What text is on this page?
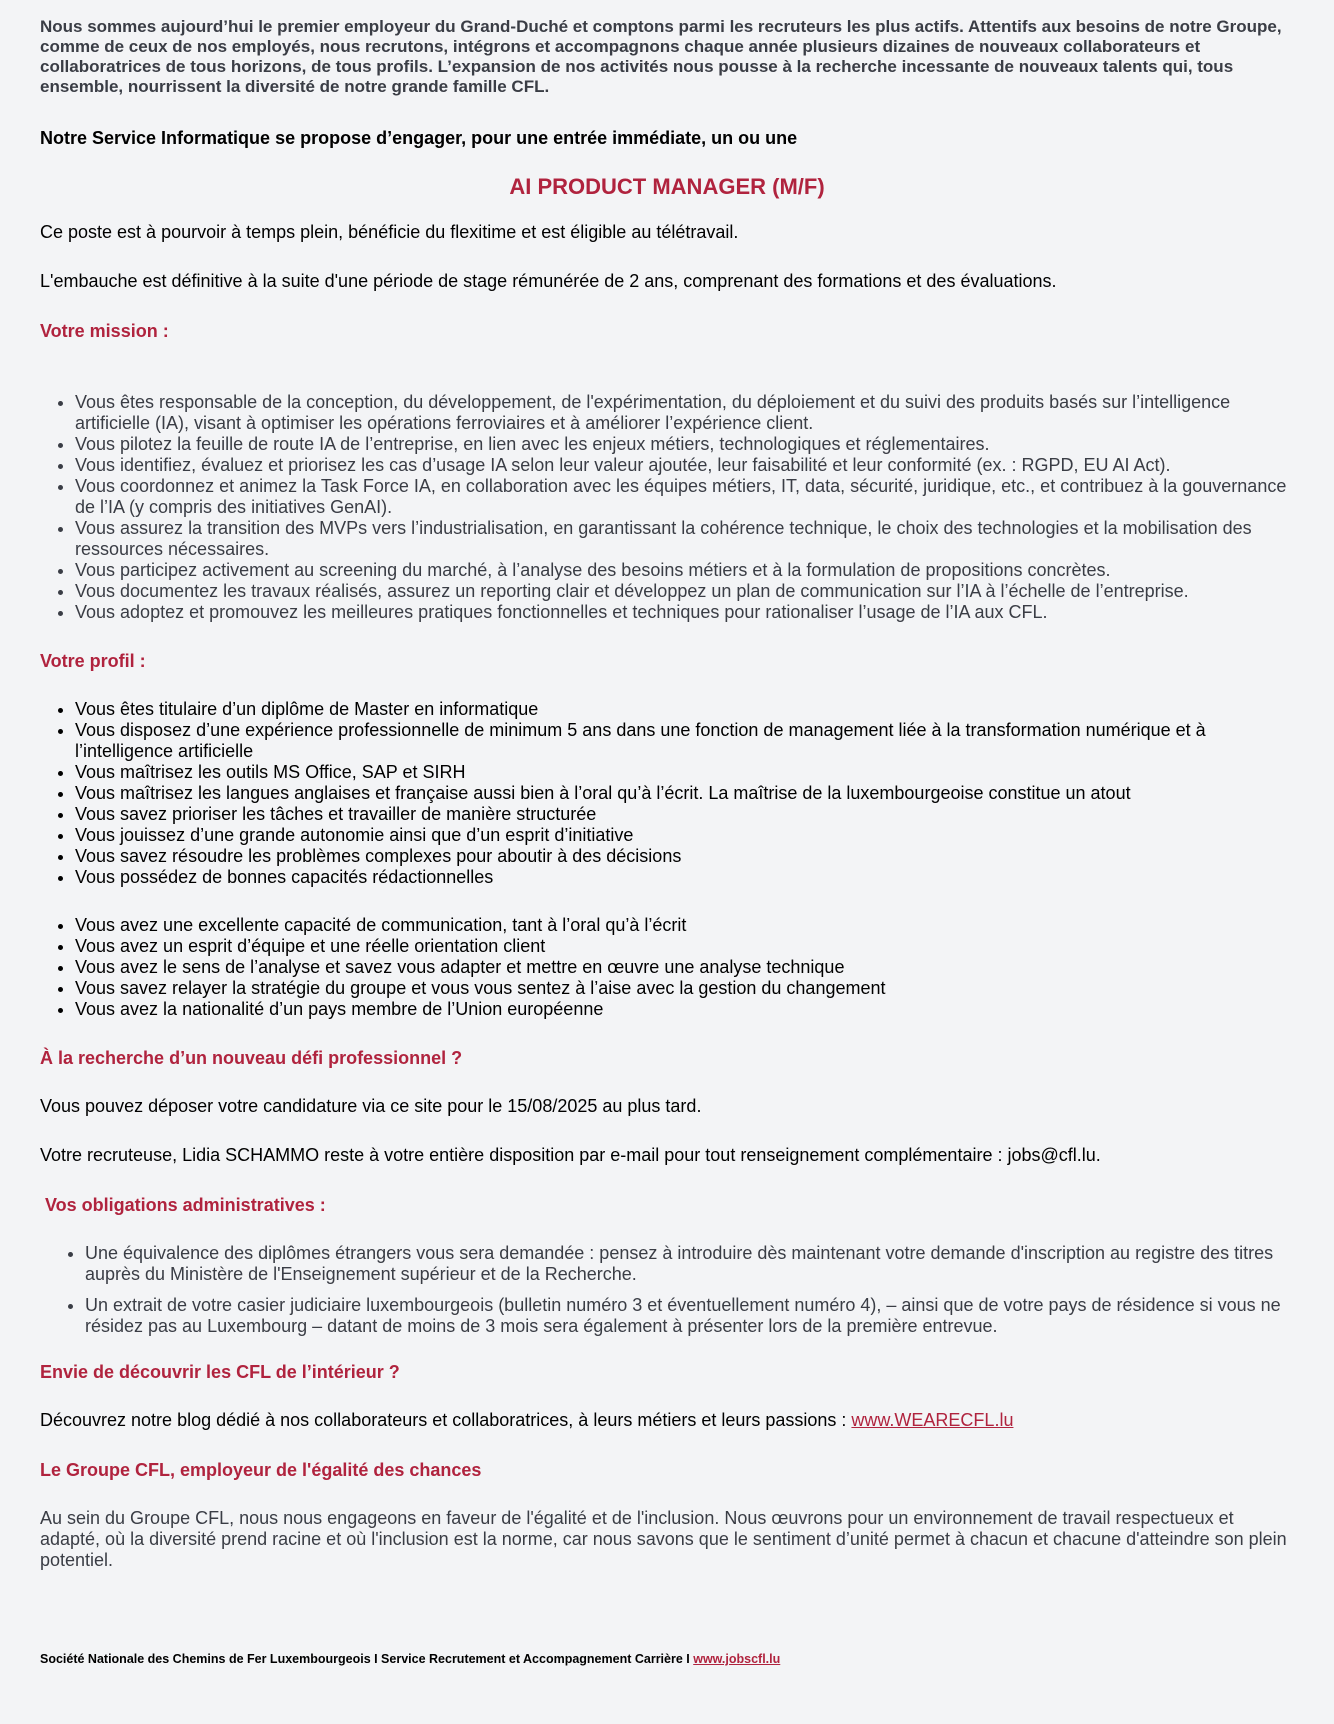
Nous sommes aujourd’hui le premier employeur du Grand-Duché et comptons parmi les recruteurs les plus actifs. Attentifs aux besoins de notre Groupe, comme de ceux de nos employés, nous recrutons, intégrons et accompagnons chaque année plusieurs dizaines de nouveaux collaborateurs et collaboratrices de tous horizons, de tous profils. L’expansion de nos activités nous pousse à la recherche incessante de nouveaux talents qui, tous ensemble, nourrissent la diversité de notre grande famille CFL.

Notre Service Informatique se propose d’engager, pour une entrée immédiate, un ou une

AI PRODUCT MANAGER (M/F)

Ce poste est à pourvoir à temps plein, bénéficie du flexitime et est éligible au télétravail.

L'embauche est définitive à la suite d'une période de stage rémunérée de 2 ans, comprenant des formations et des évaluations.

Votre mission :
• Vous êtes responsable de la conception, du développement, de l'expérimentation, du déploiement et du suivi des produits basés sur l’intelligence artificielle (IA), visant à optimiser les opérations ferroviaires et à améliorer l’expérience client.
• Vous pilotez la feuille de route IA de l’entreprise, en lien avec les enjeux métiers, technologiques et réglementaires.
• Vous identifiez, évaluez et priorisez les cas d’usage IA selon leur valeur ajoutée, leur faisabilité et leur conformité (ex. : RGPD, EU AI Act).
• Vous coordonnez et animez la Task Force IA, en collaboration avec les équipes métiers, IT, data, sécurité, juridique, etc., et contribuez à la gouvernance de l’IA (y compris des initiatives GenAI).
• Vous assurez la transition des MVPs vers l’industrialisation, en garantissant la cohérence technique, le choix des technologies et la mobilisation des ressources nécessaires.
• Vous participez activement au screening du marché, à l’analyse des besoins métiers et à la formulation de propositions concrètes.
• Vous documentez les travaux réalisés, assurez un reporting clair et développez un plan de communication sur l’IA à l’échelle de l’entreprise.
• Vous adoptez et promouvez les meilleures pratiques fonctionnelles et techniques pour rationaliser l’usage de l’IA aux CFL.
Votre profil :
• Vous êtes titulaire d’un diplôme de Master en informatique
• Vous disposez d’une expérience professionnelle de minimum 5 ans dans une fonction de management liée à la transformation numérique et à l’intelligence artificielle
• Vous maîtrisez les outils MS Office, SAP et SIRH
• Vous maîtrisez les langues anglaises et française aussi bien à l’oral qu’à l’écrit. La maîtrise de la luxembourgeoise constitue un atout
• Vous savez prioriser les tâches et travailler de manière structurée
• Vous jouissez d’une grande autonomie ainsi que d’un esprit d’initiative
• Vous savez résoudre les problèmes complexes pour aboutir à des décisions
• Vous possédez de bonnes capacités rédactionnelles
• Vous avez une excellente capacité de communication, tant à l’oral qu’à l’écrit
• Vous avez un esprit d’équipe et une réelle orientation client
• Vous avez le sens de l’analyse et savez vous adapter et mettre en œuvre une analyse technique
• Vous savez relayer la stratégie du groupe et vous vous sentez à l’aise avec la gestion du changement
• Vous avez la nationalité d’un pays membre de l’Union européenne
À la recherche d’un nouveau défi professionnel ?

Vous pouvez déposer votre candidature via ce site pour le 15/08/2025 au plus tard.

Votre recruteuse, Lidia SCHAMMO reste à votre entière disposition par e-mail pour tout renseignement complémentaire : jobs@cfl.lu.

Vos obligations administratives :
• Une équivalence des diplômes étrangers vous sera demandée : pensez à introduire dès maintenant votre demande d'inscription au registre des titres auprès du Ministère de l'Enseignement supérieur et de la Recherche.
• Un extrait de votre casier judiciaire luxembourgeois (bulletin numéro 3 et éventuellement numéro 4), – ainsi que de votre pays de résidence si vous ne résidez pas au Luxembourg – datant de moins de 3 mois sera également à présenter lors de la première entrevue.
Envie de découvrir les CFL de l’intérieur ?

Découvrez notre blog dédié à nos collaborateurs et collaboratrices, à leurs métiers et leurs passions : www.WEARECFL.lu

Le Groupe CFL, employeur de l'égalité des chances

Au sein du Groupe CFL, nous nous engageons en faveur de l'égalité et de l'inclusion. Nous œuvrons pour un environnement de travail respectueux et adapté, où la diversité prend racine et où l'inclusion est la norme, car nous savons que le sentiment d’unité permet à chacun et chacune d'atteindre son plein potentiel.

Société Nationale des Chemins de Fer Luxembourgeois I Service Recrutement et Accompagnement Carrière I www.jobscfl.lu
